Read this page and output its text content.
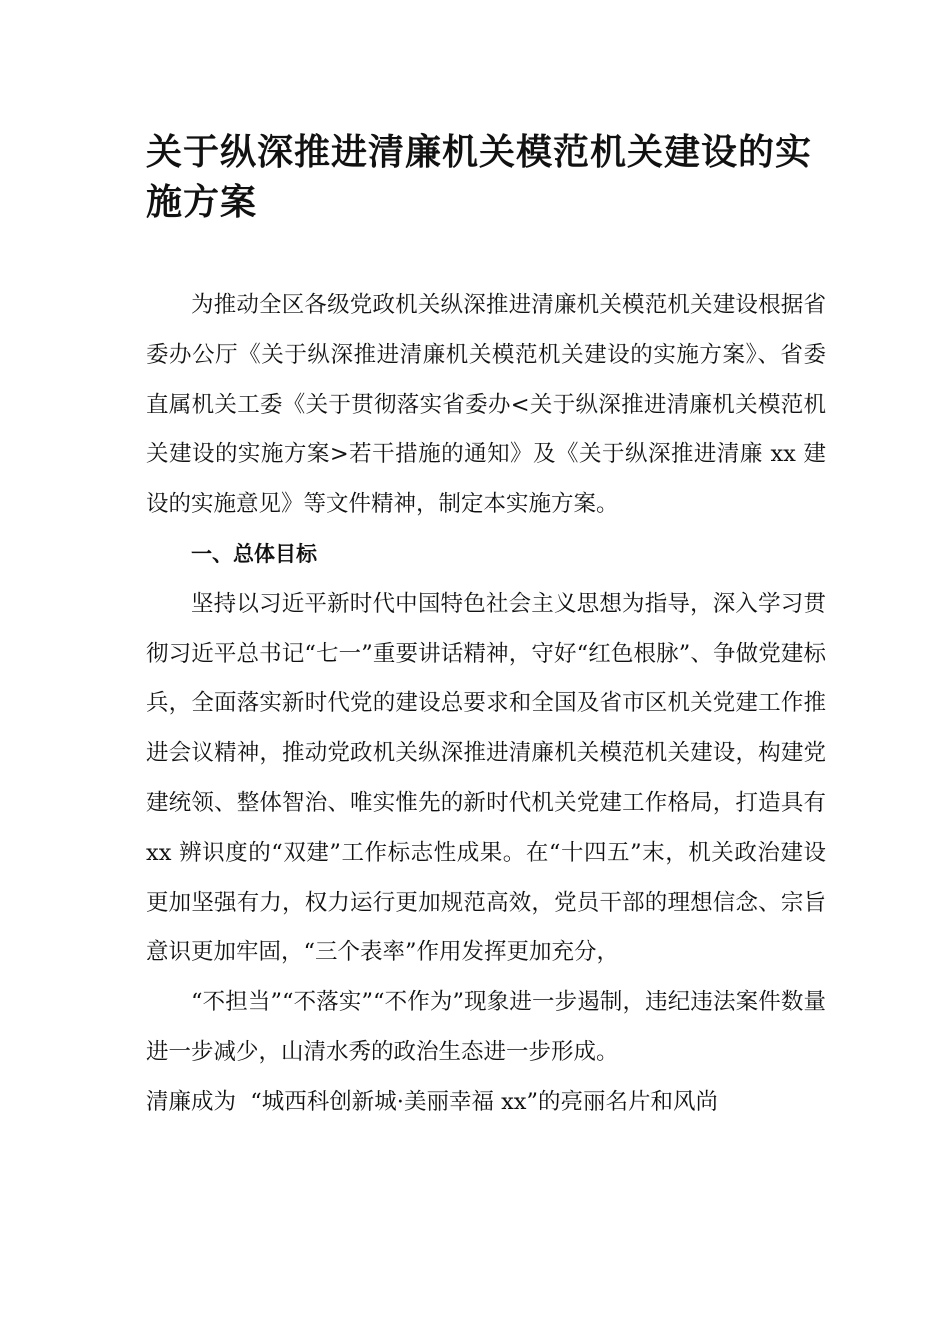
关于纵深推进清廉机关模范机关建设的实施方案

为推动全区各级党政机关纵深推进清廉机关模范机关建设根据省委办公厅《关于纵深推进清廉机关模范机关建设的实施方案》、省委直属机关工委《关于贯彻落实省委办<关于纵深推进清廉机关模范机关建设的实施方案>若干措施的通知》及《关于纵深推进清廉 xx 建设的实施意见》等文件精神，制定本实施方案。

一、总体目标

坚持以习近平新时代中国特色社会主义思想为指导，深入学习贯彻习近平总书记“七一”重要讲话精神，守好“红色根脉”、争做党建标兵，全面落实新时代党的建设总要求和全国及省市区机关党建工作推进会议精神，推动党政机关纵深推进清廉机关模范机关建设，构建党建统领、整体智治、唯实惟先的新时代机关党建工作格局，打造具有 xx 辨识度的“双建”工作标志性成果。在“十四五”末，机关政治建设更加坚强有力，权力运行更加规范高效，党员干部的理想信念、宗旨意识更加牢固，“三个表率”作用发挥更加充分，

“不担当”“不落实”“不作为”现象进一步遏制，违纪违法案件数量进一步减少，山清水秀的政治生态进一步形成。

清廉成为  “城西科创新城·美丽幸福 xx”的亮丽名片和风尚
